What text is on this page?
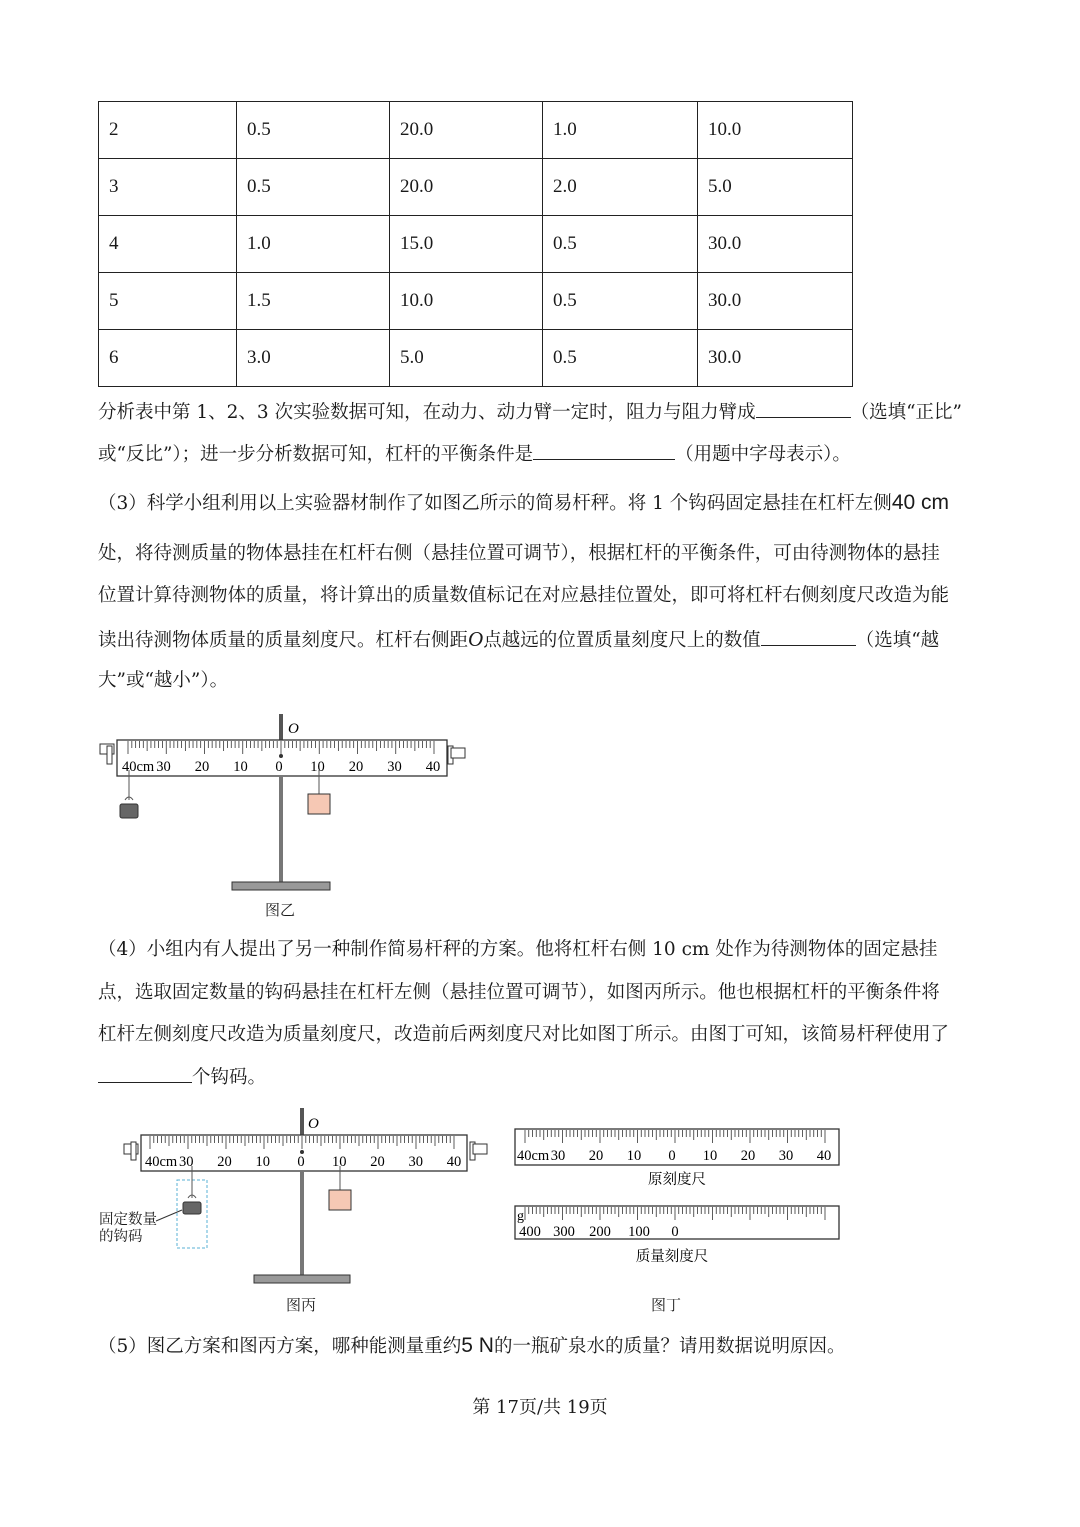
2	0.5	20.0	1.0	10.0
3	0.5	20.0	2.0	5.0
4	1.0	15.0	0.5	30.0
5	1.5	10.0	0.5	30.0
6	3.0	5.0	0.5	30.0
分析表中第 1、2、3 次实验数据可知，在动力、动力臂一定时，阻力与阻力臂成	（选填“正比”
或“反比”）；进一步分析数据可知，杠杆的平衡条件是	（用题中字母表示）。
（3）科学小组利用以上实验器材制作了如图乙所示的简易杆秤。将 1 个钩码固定悬挂在杠杆左侧40 cm
处，将待测质量的物体悬挂在杠杆右侧（悬挂位置可调节），根据杠杆的平衡条件，可由待测物体的悬挂
位置计算待测物体的质量，将计算出的质量数值标记在对应悬挂位置处，即可将杠杆右侧刻度尺改造为能
读出待测物体质量的质量刻度尺。杠杆右侧距O点越远的位置质量刻度尺上的数值	（选填“越
大”或“越小”）。
O
40cm 30 20 10 0 10 20 30 40
图乙
（4）小组内有人提出了另一种制作简易杆秤的方案。他将杠杆右侧 10 cm 处作为待测物体的固定悬挂
点，选取固定数量的钩码悬挂在杠杆左侧（悬挂位置可调节），如图丙所示。他也根据杠杆的平衡条件将
杠杆左侧刻度尺改造为质量刻度尺，改造前后两刻度尺对比如图丁所示。由图丁可知，该简易杆秤使用了
个钩码。
O
40cm 30 20 10 0 10 20 30 40
固定数量
的钩码
图丙
40cm 30 20 10 0 10 20 30 40
原刻度尺
g
400 300 200 100 0
质量刻度尺
图丁
（5）图乙方案和图丙方案，哪种能测量重约5 N的一瓶矿泉水的质量？请用数据说明原因。
第 17页/共 19页
